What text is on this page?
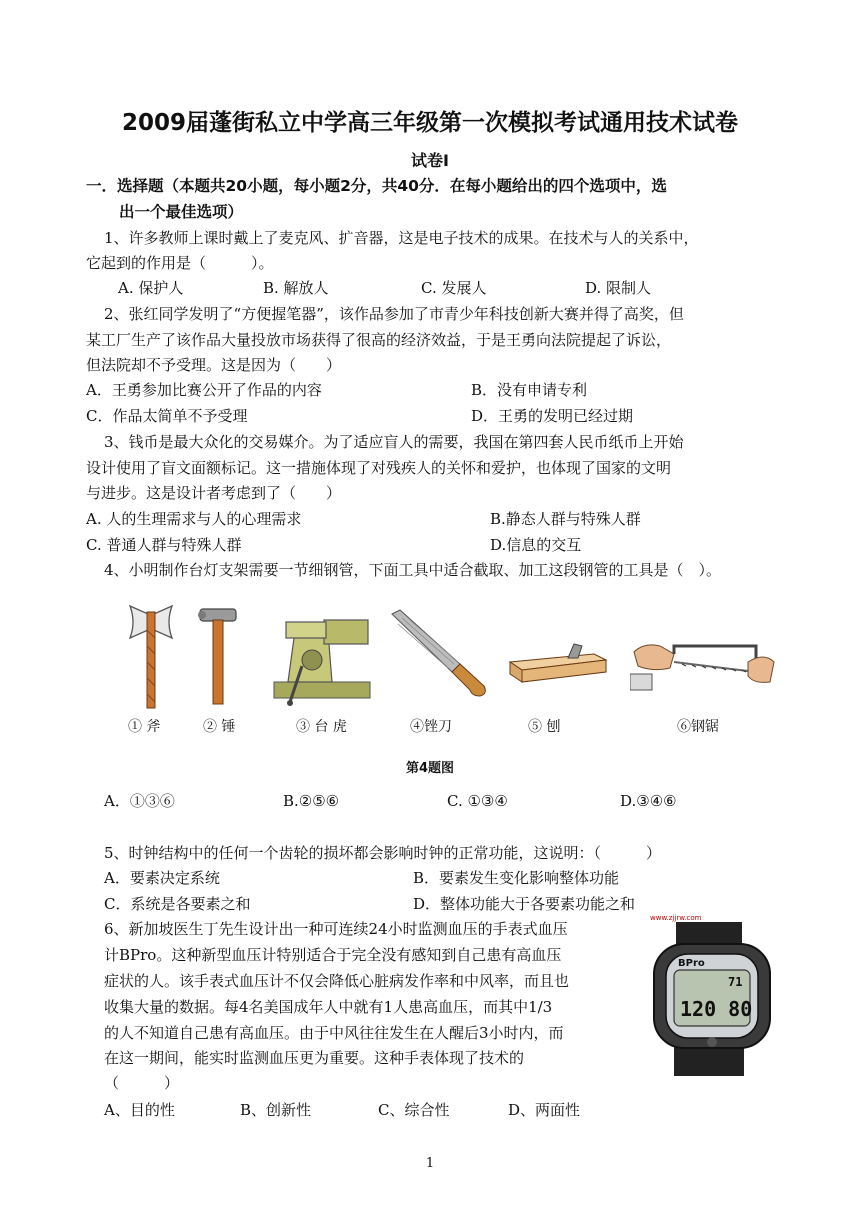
2009届蓬街私立中学高三年级第一次模拟考试通用技术试卷
试卷Ⅰ
一．选择题（本题共20小题，每小题2分，共40分．在每小题给出的四个选项中，选
出一个最佳选项）
1、许多教师上课时戴上了麦克风、扩音器，这是电子技术的成果。在技术与人的关系中，
它起到的作用是（　　　）。
A. 保护人	B. 解放人	C. 发展人	D. 限制人
2、张红同学发明了“方便握笔器”，该作品参加了市青少年科技创新大赛并得了高奖，但
某工厂生产了该作品大量投放市场获得了很高的经济效益，于是王勇向法院提起了诉讼，
但法院却不予受理。这是因为（　　）
A．王勇参加比赛公开了作品的内容	B．没有申请专利
C．作品太简单不予受理	D．王勇的发明已经过期
3、钱币是最大众化的交易媒介。为了适应盲人的需要，我国在第四套人民币纸币上开始
设计使用了盲文面额标记。这一措施体现了对残疾人的关怀和爱护，也体现了国家的文明
与进步。这是设计者考虑到了（　　）
A. 人的生理需求与人的心理需求	B.静态人群与特殊人群
C. 普通人群与特殊人群	D.信息的交互
4、小明制作台灯支架需要一节细钢管，下面工具中适合截取、加工这段钢管的工具是（　）。
① 斧	② 锤	③ 台 虎	④锉刀	⑤ 刨	⑥钢锯
第4题图
A．①③⑥	B.②⑤⑥	C. ①③④	D.③④⑥
5、时钟结构中的任何一个齿轮的损坏都会影响时钟的正常功能，这说明：（　　　）
A．要素决定系统	B．要素发生变化影响整体功能
C．系统是各要素之和	D．整体功能大于各要素功能之和
6、新加坡医生丁先生设计出一种可连续24小时监测血压的手表式血压
计BPro。这种新型血压计特别适合于完全没有感知到自己患有高血压
症状的人。该手表式血压计不仅会降低心脏病发作率和中风率，而且也
收集大量的数据。每4名美国成年人中就有1人患高血压，而其中1/3
的人不知道自己患有高血压。由于中风往往发生在人醒后3小时内，而
在这一期间，能实时监测血压更为重要。这种手表体现了技术的
（　　　）
A、目的性	B、创新性	C、综合性	D、两面性
www.zjjrw.com
BPro
71
120 80
1
